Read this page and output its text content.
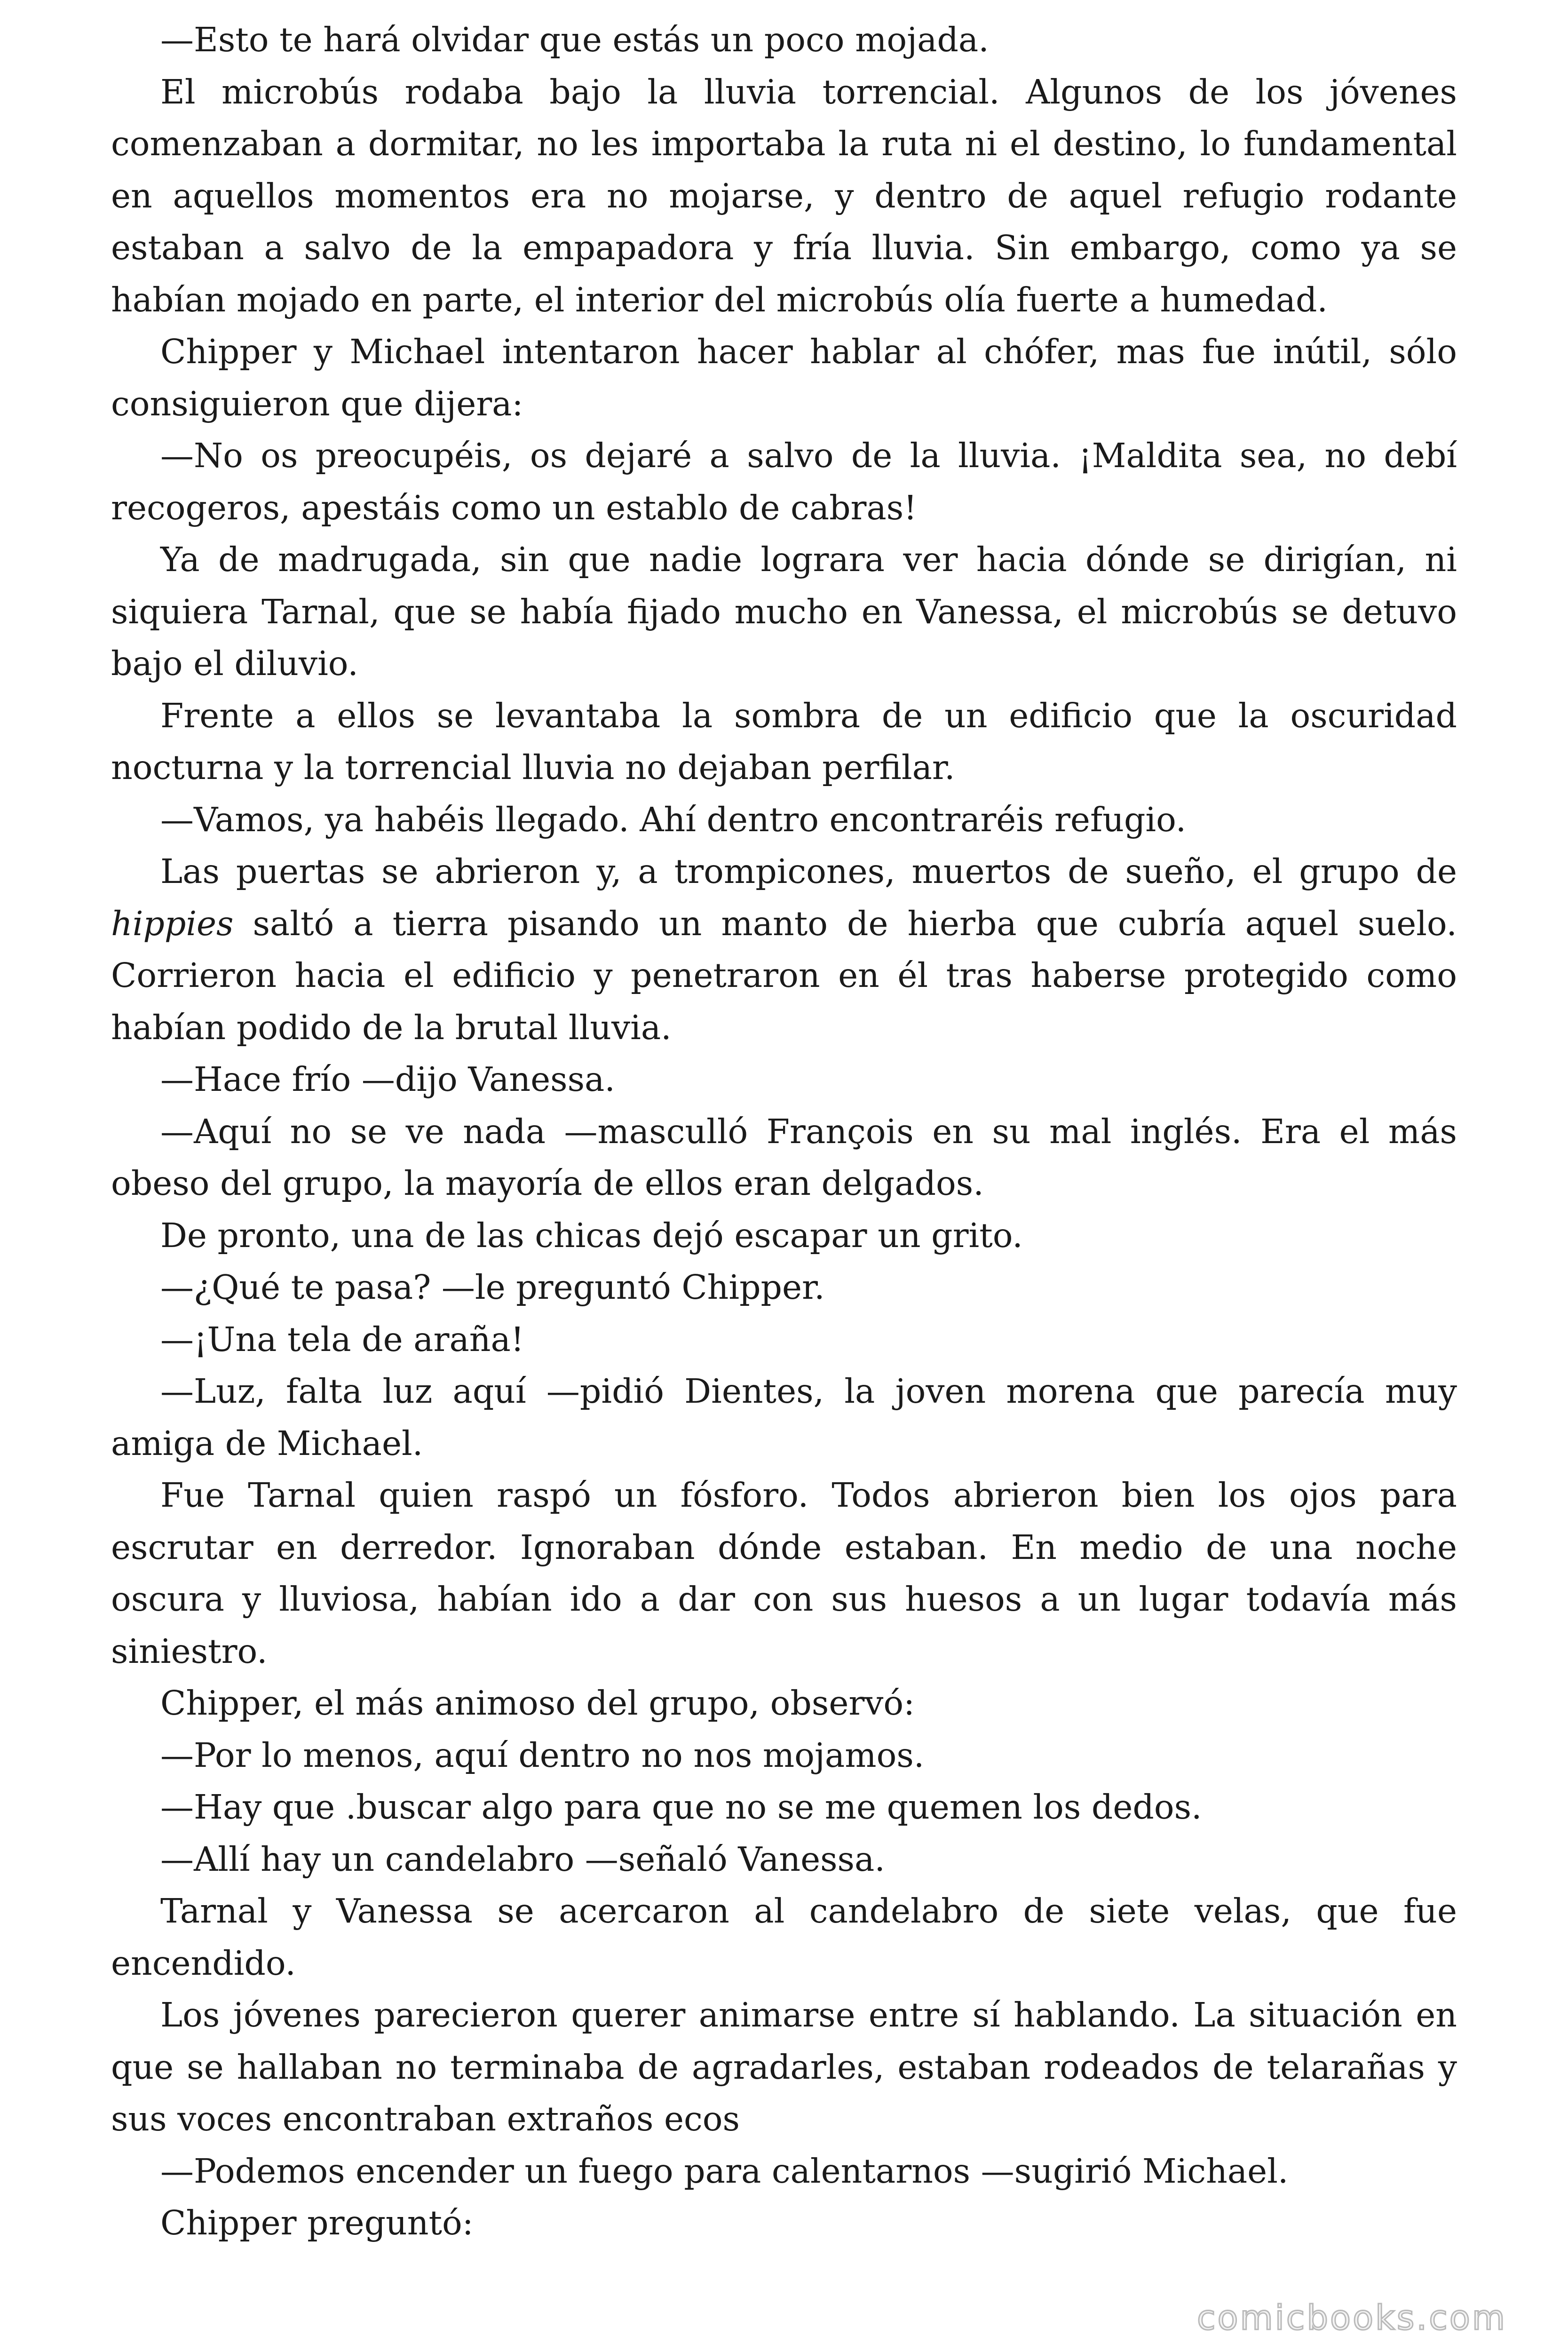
—Esto te hará olvidar que estás un poco mojada.

El microbús rodaba bajo la lluvia torrencial. Algunos de los jóvenes comenzaban a dormitar, no les importaba la ruta ni el destino, lo fundamental en aquellos momentos era no mojarse, y dentro de aquel refugio rodante estaban a salvo de la empapadora y fría lluvia. Sin embargo, como ya se habían mojado en parte, el interior del microbús olía fuerte a humedad.

Chipper y Michael intentaron hacer hablar al chófer, mas fue inútil, sólo consiguieron que dijera:

—No os preocupéis, os dejaré a salvo de la lluvia. ¡Maldita sea, no debí recogeros, apestáis como un establo de cabras!

Ya de madrugada, sin que nadie lograra ver hacia dónde se dirigían, ni siquiera Tarnal, que se había fijado mucho en Vanessa, el microbús se detuvo bajo el diluvio.

Frente a ellos se levantaba la sombra de un edificio que la oscuridad nocturna y la torrencial lluvia no dejaban perfilar.

—Vamos, ya habéis llegado. Ahí dentro encontraréis refugio.

Las puertas se abrieron y, a trompicones, muertos de sueño, el grupo de hippies saltó a tierra pisando un manto de hierba que cubría aquel suelo. Corrieron hacia el edificio y penetraron en él tras haberse protegido como habían podido de la brutal lluvia.

—Hace frío —dijo Vanessa.

—Aquí no se ve nada —masculló François en su mal inglés. Era el más obeso del grupo, la mayoría de ellos eran delgados.

De pronto, una de las chicas dejó escapar un grito.

—¿Qué te pasa? —le preguntó Chipper.

—¡Una tela de araña!

—Luz, falta luz aquí —pidió Dientes, la joven morena que parecía muy amiga de Michael.

Fue Tarnal quien raspó un fósforo. Todos abrieron bien los ojos para escrutar en derredor. Ignoraban dónde estaban. En medio de una noche oscura y lluviosa, habían ido a dar con sus huesos a un lugar todavía más siniestro.

Chipper, el más animoso del grupo, observó:

—Por lo menos, aquí dentro no nos mojamos.

—Hay que .buscar algo para que no se me quemen los dedos.

—Allí hay un candelabro —señaló Vanessa.

Tarnal y Vanessa se acercaron al candelabro de siete velas, que fue encendido.

Los jóvenes parecieron querer animarse entre sí hablando. La situación en que se hallaban no terminaba de agradarles, estaban rodeados de telarañas y sus voces encontraban extraños ecos

—Podemos encender un fuego para calentarnos —sugirió Michael.

Chipper preguntó:

comicbooks.com
